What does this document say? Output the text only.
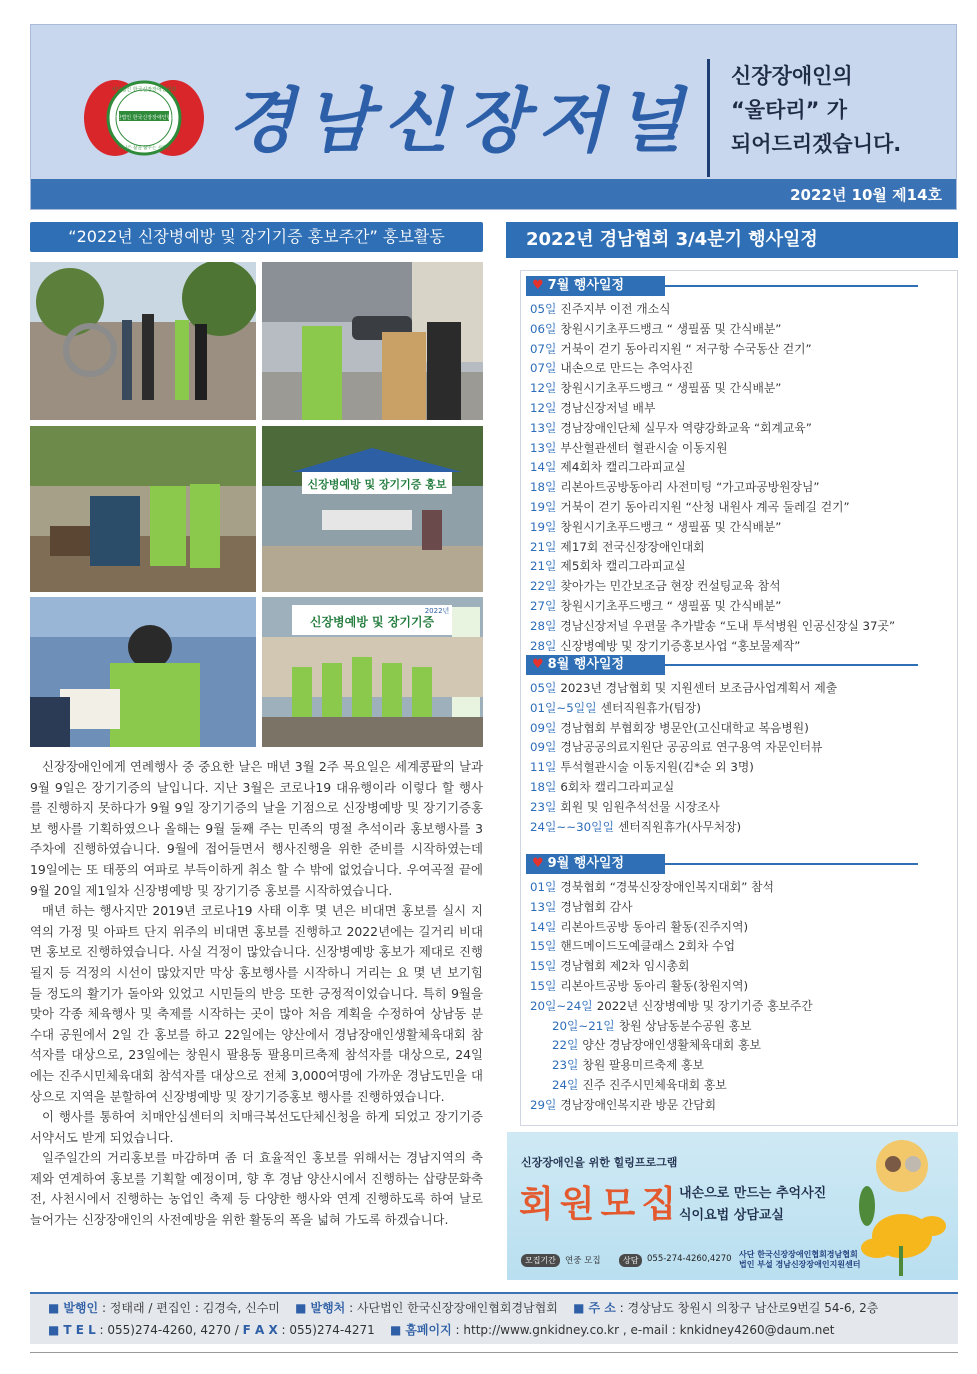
사단법인 한국신장장애인협회
사단법인 한국신장장애인협회
더 나은 삶을 꿈꾸는 사람들 경남신장저널
신장장애인의
“울타리” 가
되어드리겠습니다.
2022년 10월 제14호
“2022년 신장병예방 및 장기기증 홍보주간” 홍보활동
신장병예방 및 장기기증 홍보
신장병예방 및 장기기증
2022년

신장장애인에게 연례행사 중 중요한 날은 매년 3월 2주 목요일은 세계콩팥의 날과 9월 9일은 장기기증의 날입니다. 지난 3월은 코로나19 대유행이라 이렇다 할 행사를 진행하지 못하다가 9월 9일 장기기증의 날을 기점으로 신장병예방 및 장기기증홍보 행사를 기획하였으나 올해는 9월 둘째 주는 민족의 명절 추석이라 홍보행사를 3주차에 진행하였습니다. 9월에 접어들면서 행사진행을 위한 준비를 시작하였는데 19일에는 또 태풍의 여파로 부득이하게 취소 할 수 밖에 없었습니다. 우여곡절 끝에 9월 20일 제1일차 신장병예방 및 장기기증 홍보를 시작하였습니다.

매년 하는 행사지만 2019년 코로나19 사태 이후 몇 년은 비대면 홍보를 실시 지역의 가정 및 아파트 단지 위주의 비대면 홍보를 진행하고 2022년에는 길거리 비대면 홍보로 진행하였습니다. 사실 걱정이 많았습니다. 신장병예방 홍보가 제대로 진행될지 등 걱정의 시선이 많았지만 막상 홍보행사를 시작하니 거리는 요 몇 년 보기힘들 정도의 활기가 돌아와 있었고 시민들의 반응 또한 긍정적이었습니다. 특히 9월을 맞아 각종 체육행사 및 축제를 시작하는 곳이 많아 처음 계획을 수정하여 상남동 분수대 공원에서 2일 간 홍보를 하고 22일에는 양산에서 경남장애인생활체육대회 참석자를 대상으로, 23일에는 창원시 팔용동 팔용미르축제 참석자를 대상으로, 24일에는 진주시민체육대회 참석자를 대상으로 전체 3,000여명에 가까운 경남도민을 대상으로 지역을 분할하여 신장병예방 및 장기기증홍보 행사를 진행하였습니다.

이 행사를 통하여 치매안심센터의 치매극복선도단체신청을 하게 되었고 장기기증 서약서도 받게 되었습니다.

일주일간의 거리홍보를 마감하며 좀 더 효율적인 홍보를 위해서는 경남지역의 축제와 연계하여 홍보를 기획할 예정이며, 향 후 경남 양산시에서 진행하는 삽량문화축전, 사천시에서 진행하는 농업인 축제 등 다양한 행사와 연계 진행하도록 하여 날로 늘어가는 신장장애인의 사전예방을 위한 활동의 폭을 넓혀 가도록 하겠습니다.

2022년 경남협회 3/4분기 행사일정
♥ 7월 행사일정
05일 진주지부 이전 개소식
06일 창원시기초푸드뱅크 “ 생필품 및 간식배분”
07일 거북이 걷기 동아리지원 “ 저구항 수국동산 걷기”
07일 내손으로 만드는 추억사진
12일 창원시기초푸드뱅크 “ 생필품 및 간식배분”
12일 경남신장저널 배부
13일 경남장애인단체 실무자 역량강화교육 “회계교육”
13일 부산혈관센터 혈관시술 이동지원
14일 제4회차 캘리그라피교실
18일 리본아트공방동아리 사전미팅 “가고파공방원장님”
19일 거북이 걷기 동아리지원 “산청 내원사 계곡 둘레길 걷기”
19일 창원시기초푸드뱅크 “ 생필품 및 간식배분”
21일 제17회 전국신장장애인대회
21일 제5회차 캘리그라피교실
22일 찾아가는 민간보조금 현장 컨설팅교육 참석
27일 창원시기초푸드뱅크 “ 생필품 및 간식배분”
28일 경남신장저널 우편물 추가발송 “도내 투석병원 인공신장실 37곳”
28일 신장병예방 및 장기기증홍보사업 “홍보물제작”
♥ 8월 행사일정
05일 2023년 경남협회 및 지원센터 보조금사업계획서 제출
01일~5일일 센터직원휴가(팀장)
09일 경남협회 부협회장 병문안(고신대학교 복음병원)
09일 경남공공의료지원단 공공의료 연구용역 자문인터뷰
11일 투석혈관시술 이동지원(김*순 외 3명)
18일 6회차 캘리그라피교실
23일 회원 및 임원추석선물 시장조사
24일~~30일일 센터직원휴가(사무처장)
♥ 9월 행사일정
01일 경북협회 “경북신장장애인복지대회” 참석
13일 경남협회 감사
14일 리본아트공방 동아리 활동(진주지역)
15일 핸드메이드도예클래스 2회차 수업
15일 경남협회 제2차 임시총회
15일 리본아트공방 동아리 활동(창원지역)
20일~24일 2022년 신장병예방 및 장기기증 홍보주간
20일~21일 창원 상남동분수공원 홍보
22일 양산 경남장애인생활체육대회 홍보
23일 창원 팔용미르축제 홍보
24일 진주 진주시민체육대회 홍보
29일 경남장애인복지관 방문 간담회
신장장애인을 위한 힐링프로그램
회원모집
내손으로 만드는 추억사진
식이요법 상담교실
모집기간	연중 모집	상담	055-274-4260,4270 사단 한국신장장애인협회경남협회
법인 부설 경남신장장애인지원센터
■ 발행인 : 정태래 / 편집인 : 김경숙, 신수미 ■ 발행처 : 사단법인 한국신장장애인협회경남협회 ■ 주 소 : 경상남도 창원시 의창구 남산로9번길 54-6, 2층
■ T E L : 055)274-4260, 4270 / F A X : 055)274-4271 ■ 홈페이지 : http://www.gnkidney.co.kr , e-mail : knkidney4260@daum.net
